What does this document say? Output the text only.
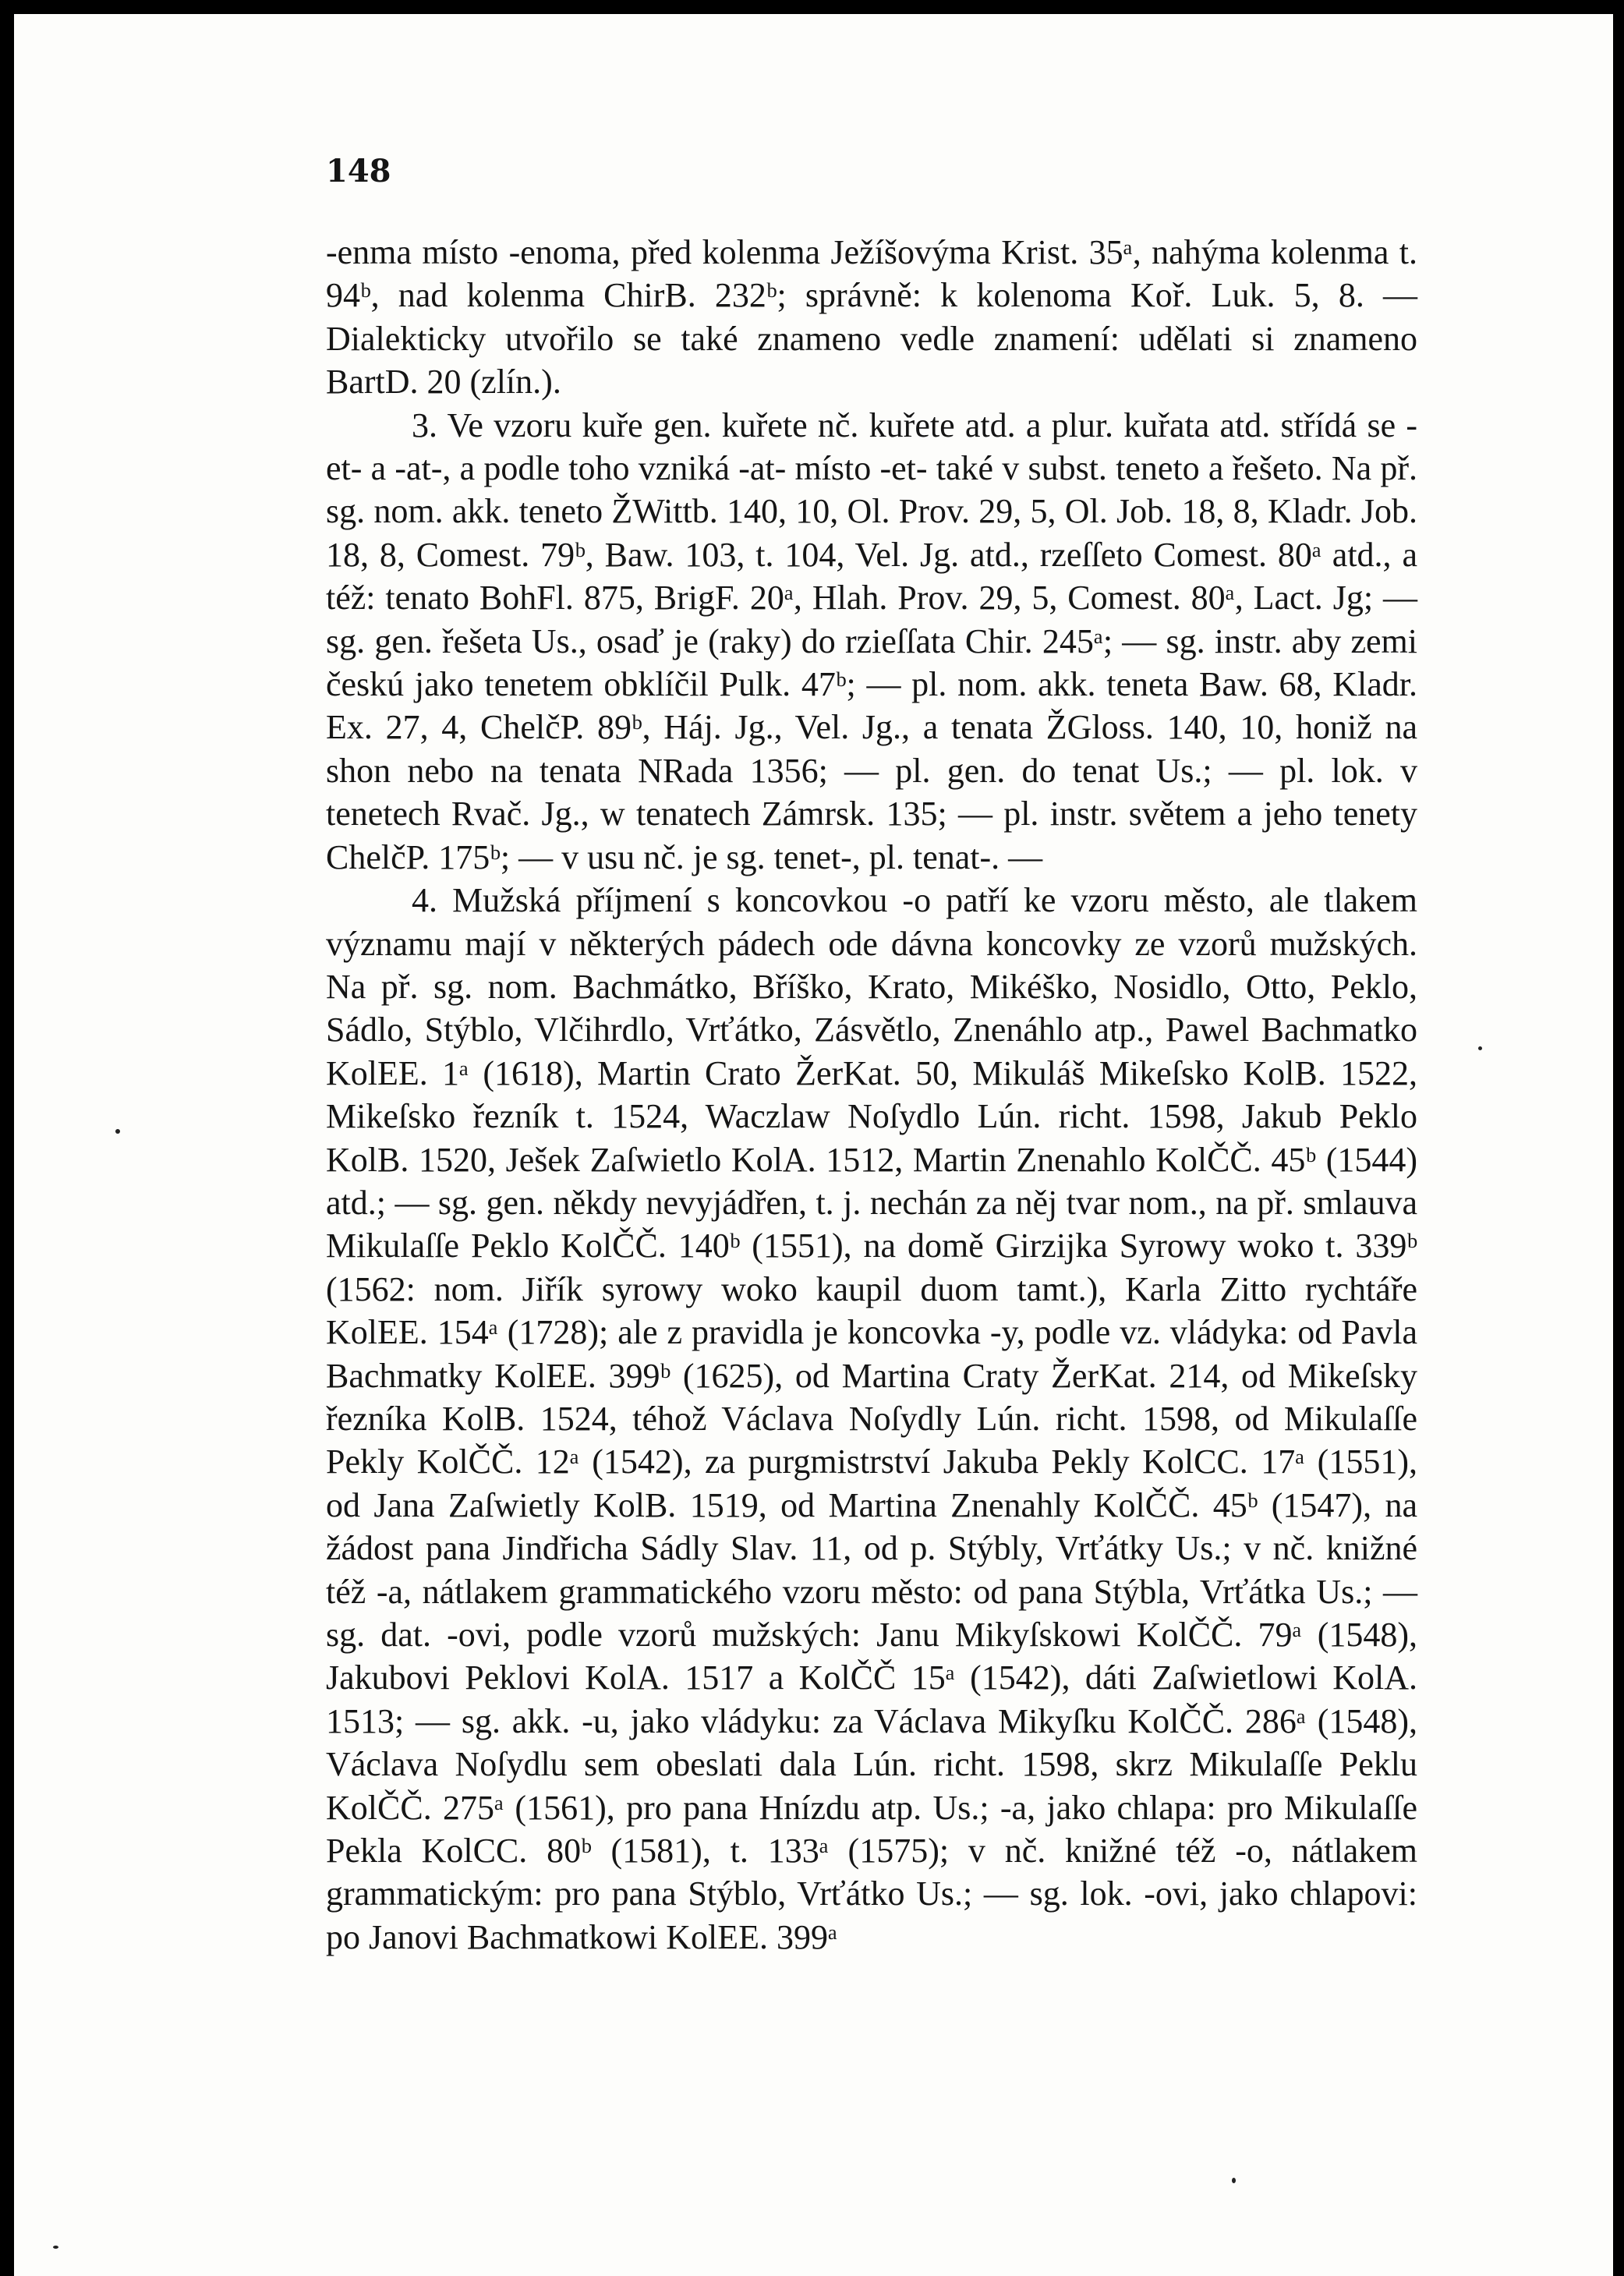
148

-enma místo -enoma, před kolenma Ježíšovýma Krist. 35ᵃ, nahýma kolenma t. 94ᵇ, nad kolenma ChirB. 232ᵇ; správně: k kolenoma Koř. Luk. 5, 8. — Dialekticky utvořilo se také znameno vedle znamení: udělati si znameno BartD. 20 (zlín.).

3. Ve vzoru kuře gen. kuřete nč. kuřete atd. a plur. kuřata atd. střídá se -et- a -at-, a podle toho vzniká -at- místo -et- také v subst. teneto a řešeto. Na př. sg. nom. akk. teneto ŽWittb. 140, 10, Ol. Prov. 29, 5, Ol. Job. 18, 8, Kladr. Job. 18, 8, Comest. 79ᵇ, Baw. 103, t. 104, Vel. Jg. atd., rzeſſeto Comest. 80ᵃ atd., a též: tenato BohFl. 875, BrigF. 20ᵃ, Hlah. Prov. 29, 5, Comest. 80ᵃ, Lact. Jg; — sg. gen. řešeta Us., osaď je (raky) do rzieſſata Chir. 245ᵃ; — sg. instr. aby zemi českú jako tenetem obklíčil Pulk. 47ᵇ; — pl. nom. akk. teneta Baw. 68, Kladr. Ex. 27, 4, ChelčP. 89ᵇ, Háj. Jg., Vel. Jg., a tenata ŽGloss. 140, 10, honiž na shon nebo na tenata NRada 1356; — pl. gen. do tenat Us.; — pl. lok. v tenetech Rvač. Jg., w tenatech Zámrsk. 135; — pl. instr. světem a jeho tenety ChelčP. 175ᵇ; — v usu nč. je sg. tenet-, pl. tenat-. —

4. Mužská příjmení s koncovkou -o patří ke vzoru město, ale tlakem významu mají v některých pádech ode dávna koncovky ze vzorů mužských. Na př. sg. nom. Bachmátko, Bříško, Krato, Mikéško, Nosidlo, Otto, Peklo, Sádlo, Stýblo, Vlčihrdlo, Vrťátko, Zásvětlo, Znenáhlo atp., Pawel Bachmatko KolEE. 1ᵃ (1618), Martin Crato ŽerKat. 50, Mikuláš Mikeſsko KolB. 1522, Mikeſsko řezník t. 1524, Waczlaw Noſydlo Lún. richt. 1598, Jakub Peklo KolB. 1520, Ješek Zaſwietlo KolA. 1512, Martin Znenahlo KolČČ. 45ᵇ (1544) atd.; — sg. gen. někdy nevyjádřen, t. j. nechán za něj tvar nom., na př. smlauva Mikulaſſe Peklo KolČČ. 140ᵇ (1551), na domě Girzijka Syrowy woko t. 339ᵇ (1562: nom. Jiřík syrowy woko kaupil duom tamt.), Karla Zitto rychtáře KolEE. 154ᵃ (1728); ale z pravidla je koncovka -y, podle vz. vládyka: od Pavla Bachmatky KolEE. 399ᵇ (1625), od Martina Craty ŽerKat. 214, od Mikeſsky řezníka KolB. 1524, téhož Václava Noſydly Lún. richt. 1598, od Mikulaſſe Pekly KolČČ. 12ᵃ (1542), za purgmistrství Jakuba Pekly KolCC. 17ᵃ (1551), od Jana Zaſwietly KolB. 1519, od Martina Znenahly KolČČ. 45ᵇ (1547), na žádost pana Jindřicha Sádly Slav. 11, od p. Stýbly, Vrťátky Us.; v nč. knižné též -a, nátlakem grammatického vzoru město: od pana Stýbla, Vrťátka Us.; — sg. dat. -ovi, podle vzorů mužských: Janu Mikyſskowi KolČČ. 79ᵃ (1548), Jakubovi Peklovi KolA. 1517 a KolČČ 15ᵃ (1542), dáti Zaſwietlowi KolA. 1513; — sg. akk. -u, jako vládyku: za Václava Mikyſku KolČČ. 286ᵃ (1548), Václava Noſydlu sem obeslati dala Lún. richt. 1598, skrz Mikulaſſe Peklu KolČČ. 275ᵃ (1561), pro pana Hnízdu atp. Us.; -a, jako chlapa: pro Mikulaſſe Pekla KolCC. 80ᵇ (1581), t. 133ᵃ (1575); v nč. knižné též -o, nátlakem grammatickým: pro pana Stýblo, Vrťátko Us.; — sg. lok. -ovi, jako chlapovi: po Janovi Bachmatkowi KolEE. 399ᵃ
